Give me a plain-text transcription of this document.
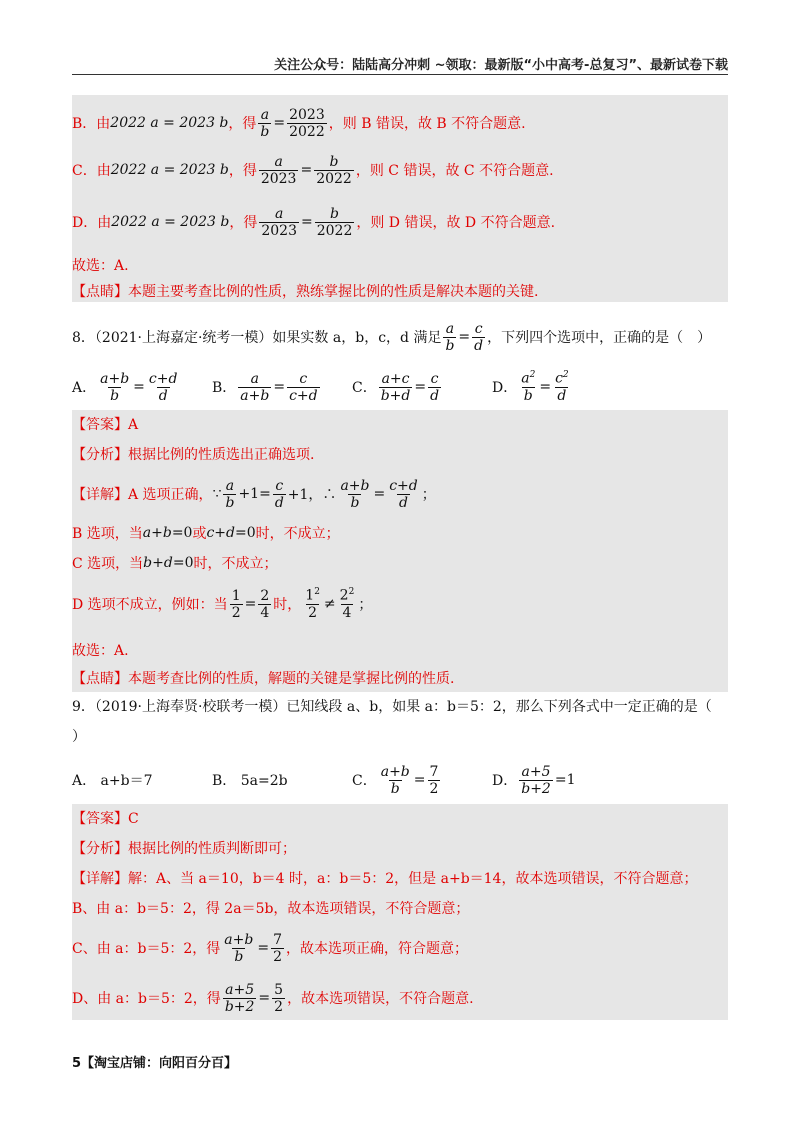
关注公众号：陆陆高分冲刺 ~领取：最新版“小中高考-总复习”、最新试卷下载
B．由 2022 a = 2023 b ，得 $\frac{a}{b} = \frac{2023}{2022}$ ，则 B 错误，故 B 不符合题意.
C．由 2022 a = 2023 b ，得 $\frac{a}{2023} = \frac{b}{2022}$ ，则 C 错误，故 C 不符合题意.
D．由 2022 a = 2023 b ，得 $\frac{a}{2023} = \frac{b}{2022}$ ，则 D 错误，故 D 不符合题意.
故选：A.
【点睛】本题主要考查比例的性质，熟练掌握比例的性质是解决本题的关键.
8．（2021·上海嘉定·统考一模）如果实数 a，b，c，d 满足 $\frac{a}{b} = \frac{c}{d}$ ，下列四个选项中，正确的是（　）
A． $\frac{a+b}{b} = \frac{c+d}{d}$ B． $\frac{a}{a+b} = \frac{c}{c+d}$ C． $\frac{a+c}{b+d} = \frac{c}{d}$	D． $\frac{a^2}{b} = \frac{c^2}{d}$
【答案】A
【分析】根据比例的性质选出正确选项.
【详解】A 选项正确， ∵ $\frac{a}{b} +1= \frac{c}{d} +1$，∴ $\frac{a+b}{b} = \frac{c+d}{d}$ ；
B 选项，当 a+b=0 或 c+d=0 时，不成立；
C 选项，当 b+d=0 时，不成立；
D 选项不成立，例如：当 $\frac{1}{2} = \frac{2}{4}$ 时， $\frac{1^2}{2} \ne \frac{2^2}{4}$ ；
故选：A.
【点睛】本题考查比例的性质，解题的关键是掌握比例的性质.
9．（2019·上海奉贤·校联考一模）已知线段 a、b，如果 a：b＝5：2，那么下列各式中一定正确的是（
）
A． a+b＝7	B． 5a=2b	C． $\frac{a+b}{b} = \frac{7}{2}$	D． $\frac{a+5}{b+2} =1$
【答案】C
【分析】根据比例的性质判断即可；
【详解】解：A、当 a＝10，b＝4 时，a：b＝5：2，但是 a+b＝14，故本选项错误，不符合题意；
B、由 a：b＝5：2，得 2a＝5b，故本选项错误，不符合题意；
C、由 a：b＝5：2，得 $\frac{a+b}{b} = \frac{7}{2}$ ，故本选项正确，符合题意；
D、由 a：b＝5：2，得 $\frac{a+5}{b+2} = \frac{5}{2}$ ，故本选项错误，不符合题意.
5【淘宝店铺：向阳百分百】
